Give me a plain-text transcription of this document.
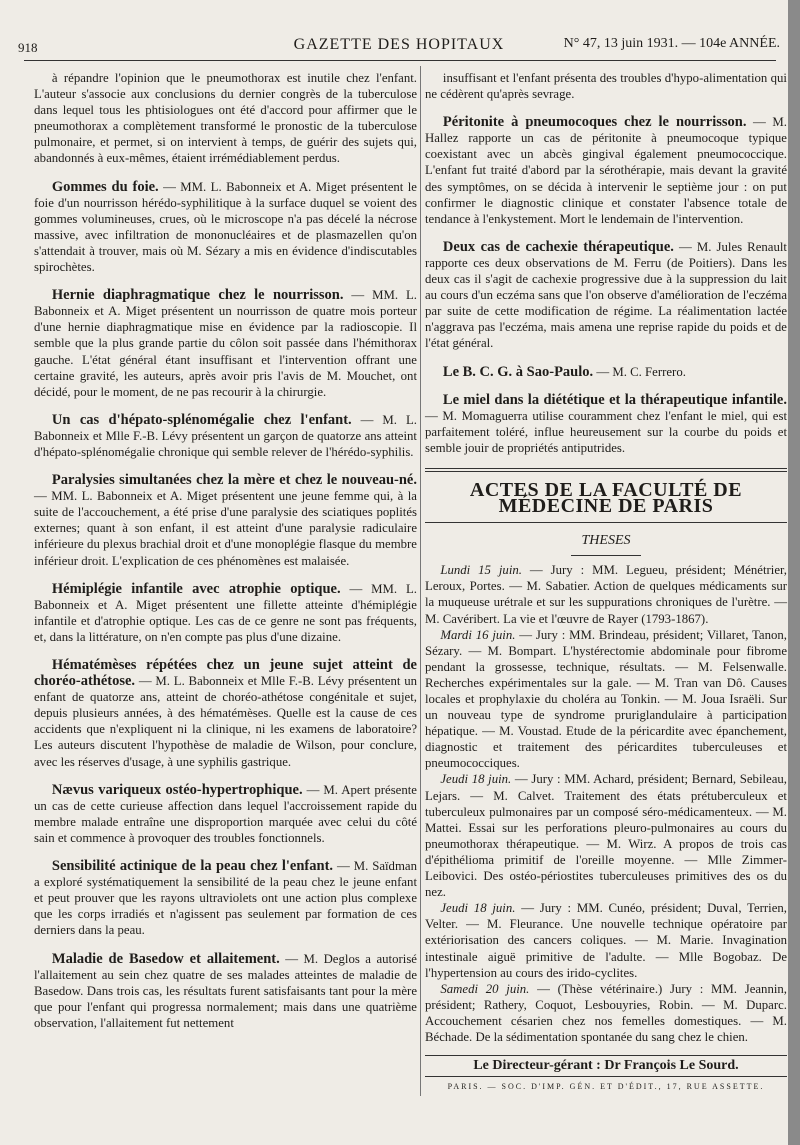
918	GAZETTE DES HOPITAUX	N° 47, 13 juin 1931. — 104e ANNÉE.

à répandre l'opinion que le pneumothorax est inutile chez l'enfant. L'auteur s'associe aux conclusions du dernier congrès de la tuberculose dans lequel tous les phtisiologues ont été d'accord pour affirmer que le pneumothorax a complètement transformé le pronostic de la tuberculose pulmonaire, et permet, si on intervient à temps, de guérir des sujets qui, abandonnés à eux-mêmes, étaient irrémédiablement perdus.

Gommes du foie. — MM. L. Babonneix et A. Miget présentent le foie d'un nourrisson hérédo-syphilitique à la surface duquel se voient des gommes volumineuses, crues, où le microscope n'a pas décelé la nécrose massive, avec infiltration de mononucléaires et de plasmazellen qu'on s'attendait à trouver, mais où M. Sézary a mis en évidence d'indiscutables spirochètes.

Hernie diaphragmatique chez le nourrisson. — MM. L. Babonneix et A. Miget présentent un nourrisson de quatre mois porteur d'une hernie diaphragmatique mise en évidence par la radioscopie. Il semble que la plus grande partie du côlon soit passée dans l'hémithorax gauche. L'état général étant insuffisant et l'intervention offrant une certaine gravité, les auteurs, après avoir pris l'avis de M. Mouchet, ont décidé, pour le moment, de ne pas recourir à la chirurgie.

Un cas d'hépato-splénomégalie chez l'enfant. — M. L. Babonneix et Mlle F.-B. Lévy présentent un garçon de quatorze ans atteint d'hépato-splénomégalie chronique qui semble relever de l'hérédo-syphilis.

Paralysies simultanées chez la mère et chez le nouveau-né. — MM. L. Babonneix et A. Miget présentent une jeune femme qui, à la suite de l'accouchement, a été prise d'une paralysie des sciatiques poplités externes; quant à son enfant, il est atteint d'une paralysie radiculaire inférieure du plexus brachial droit et d'une monoplégie flasque du membre inférieur droit. L'explication de ces phénomènes est malaisée.

Hémiplégie infantile avec atrophie optique. — MM. L. Babonneix et A. Miget présentent une fillette atteinte d'hémiplégie infantile et d'atrophie optique. Les cas de ce genre ne sont pas fréquents, et, dans la littérature, on n'en compte pas plus d'une dizaine.

Hématémèses répétées chez un jeune sujet atteint de choréo-athétose. — M. L. Babonneix et Mlle F.-B. Lévy présentent un enfant de quatorze ans, atteint de choréo-athétose congénitale et sujet, depuis plusieurs années, à des hématémèses. Quelle est la cause de ces accidents que n'expliquent ni la clinique, ni les examens de laboratoire? Les auteurs discutent l'hypothèse de maladie de Wilson, pour conclure, avec les réserves d'usage, à une syphilis gastrique.

Nævus variqueux ostéo-hypertrophique. — M. Apert présente un cas de cette curieuse affection dans lequel l'accroissement rapide du membre malade entraîne une disproportion marquée avec celui du côté sain et commence à provoquer des troubles fonctionnels.

Sensibilité actinique de la peau chez l'enfant. — M. Saïdman a exploré systématiquement la sensibilité de la peau chez le jeune enfant et peut prouver que les rayons ultraviolets ont une action plus complexe que les corps irradiés et n'agissent pas seulement par formation de ces derniers dans la peau.

Maladie de Basedow et allaitement. — M. Deglos a autorisé l'allaitement au sein chez quatre de ses malades atteintes de maladie de Basedow. Dans trois cas, les résultats furent satisfaisants tant pour la mère que pour l'enfant qui progressa normalement; mais dans une quatrième observation, l'allaitement fut nettement

insuffisant et l'enfant présenta des troubles d'hypo-alimentation qui ne cédèrent qu'après sevrage.

Péritonite à pneumocoques chez le nourrisson. — M. Hallez rapporte un cas de péritonite à pneumocoque typique coexistant avec un abcès gingival également pneumococcique. L'enfant fut traité d'abord par la sérothérapie, mais devant la gravité des symptômes, on se décida à intervenir le septième jour : on put confirmer le diagnostic clinique et constater l'absence totale de tendance à l'enkystement. Mort le lendemain de l'intervention.

Deux cas de cachexie thérapeutique. — M. Jules Renault rapporte ces deux observations de M. Ferru (de Poitiers). Dans les deux cas il s'agit de cachexie progressive due à la suppression du lait au cours d'un eczéma sans que l'on observe d'amélioration de l'eczéma par suite de cette modification de régime. La réalimentation lactée n'aggrava pas l'eczéma, mais amena une reprise rapide du poids et de l'état général.

Le B. C. G. à Sao-Paulo. — M. C. Ferrero.

Le miel dans la diététique et la thérapeutique infantile. — M. Momaguerra utilise couramment chez l'enfant le miel, qui est parfaitement toléré, influe heureusement sur la courbe du poids et semble jouir de propriétés antiputrides.

ACTES DE LA FACULTÉ DE MÉDECINE DE PARIS
THESES

Lundi 15 juin. — Jury : MM. Legueu, président; Ménétrier, Leroux, Portes. — M. Sabatier. Action de quelques médicaments sur la muqueuse urétrale et sur les suppurations chroniques de l'urètre. — M. Cavéribert. La vie et l'œuvre de Rayer (1793-1867).

Mardi 16 juin. — Jury : MM. Brindeau, président; Villaret, Tanon, Sézary. — M. Bompart. L'hystérectomie abdominale pour fibrome pendant la grossesse, technique, résultats. — M. Felsenwalle. Recherches expérimentales sur la gale. — M. Tran van Dô. Causes locales et prophylaxie du choléra au Tonkin. — M. Joua Israëli. Sur un nouveau type de syndrome pruriglandulaire à participation hépatique. — M. Voustad. Etude de la péricardite avec épanchement, diagnostic et traitement des péricardites tuberculeuses et pneumococciques.

Jeudi 18 juin. — Jury : MM. Achard, président; Bernard, Sebileau, Lejars. — M. Calvet. Traitement des états prétuberculeux et tuberculeux pulmonaires par un composé séro-médicamenteux. — M. Mattei. Essai sur les perforations pleuro-pulmonaires au cours du pneumothorax thérapeutique. — M. Wirz. A propos de trois cas d'épithélioma primitif de l'oreille moyenne. — Mlle Zimmer-Leibovici. Des ostéo-périostites tuberculeuses primitives des os du nez.

Jeudi 18 juin. — Jury : MM. Cunéo, président; Duval, Terrien, Velter. — M. Fleurance. Une nouvelle technique opératoire par extériorisation des cancers coliques. — M. Marie. Invagination intestinale aiguë primitive de l'adulte. — Mlle Bogobaz. De l'hypertension au cours des irido-cyclites.

Samedi 20 juin. — (Thèse vétérinaire.) Jury : MM. Jeannin, président; Rathery, Coquot, Lesbouyries, Robin. — M. Duparc. Accouchement césarien chez nos femelles domestiques. — M. Béchade. De la sédimentation spontanée du sang chez le chien.

Le Directeur-gérant : Dr François Le Sourd.
PARIS. — SOC. D'IMP. GÉN. ET D'ÉDIT., 17, RUE ASSETTE.
